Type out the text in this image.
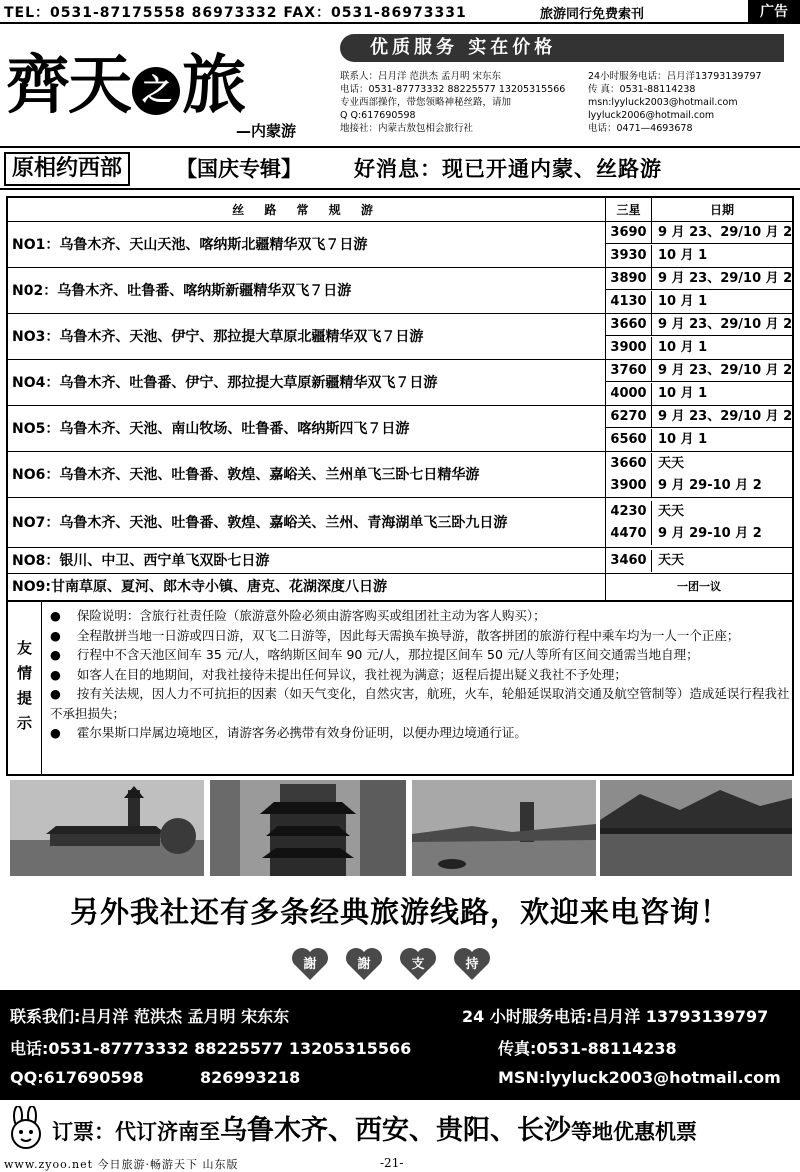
TEL：0531-87175558 86973332 FAX：0531-86973331	旅游同行免费索刊	广告
齊天 之 旅
—内蒙游
优质服务 实在价格
联系人：吕月洋 范洪杰 孟月明 宋东东	24小时服务电话：吕月洋13793139797
电话：0531-87773332 88225577 13205315566 传 真：0531-88114238
专业西部操作，带您领略神秘丝路，请加	msn:lyyluck2003@hotmail.com
Q Q:617690598	lyyluck2006@hotmail.com
地接社：内蒙古敖包相会旅行社	电话：0471—4693678
原相约西部	【国庆专辑】 好消息：现已开通内蒙、丝路游
丝 路 常 规 游	三星	日期
NO1：乌鲁木齐、天山天池、喀纳斯北疆精华双飞７日游
3690 9 月 23、29/10 月 2
3930 10 月 1
N02：乌鲁木齐、吐鲁番、喀纳斯新疆精华双飞７日游
3890 9 月 23、29/10 月 2
4130 10 月 1
NO3：乌鲁木齐、天池、伊宁、那拉提大草原北疆精华双飞７日游
3660 9 月 23、29/10 月 2
3900 10 月 1
NO4：乌鲁木齐、吐鲁番、伊宁、那拉提大草原新疆精华双飞７日游
3760 9 月 23、29/10 月 2
4000 10 月 1
NO5：乌鲁木齐、天池、南山牧场、吐鲁番、喀纳斯四飞７日游
6270 9 月 23、29/10 月 2
6560 10 月 1
NO6：乌鲁木齐、天池、吐鲁番、敦煌、嘉峪关、兰州单飞三卧七日精华游
3660 天天
3900 9 月 29-10 月 2
NO7：乌鲁木齐、天池、吐鲁番、敦煌、嘉峪关、兰州、青海湖单飞三卧九日游
4230 天天
4470 9 月 29-10 月 2
NO8：银川、中卫、西宁单飞双卧七日游	3460 天天
NO9:甘南草原、夏河、郎木寺小镇、唐克、花湖深度八日游	一团一议
友
情
提
示
● 保险说明：含旅行社责任险（旅游意外险必须由游客购买或组团社主动为客人购买）；
● 全程散拼当地一日游或四日游，双飞二日游等，因此每天需换车换导游，散客拼团的旅游行程中乘车均为一人一个正座；
● 行程中不含天池区间车 35 元/人，喀纳斯区间车 90 元/人，那拉提区间车 50 元/人等所有区间交通需当地自理；
● 如客人在目的地期间，对我社接待未提出任何异议，我社视为满意；返程后提出疑义我社不予处理；
● 按有关法规，因人力不可抗拒的因素（如天气变化，自然灾害，航班，火车，轮船延误取消交通及航空管制等）造成延误行程我社不承担损失；
● 霍尔果斯口岸属边境地区，请游客务必携带有效身份证明，以便办理边境通行证。
另外我社还有多条经典旅游线路，欢迎来电咨询！
謝	謝	支	持
联系我们:吕月洋 范洪杰 孟月明 宋东东	24 小时服务电话:吕月洋 13793139797
电话:0531-87773332 88225577 13205315566	传真:0531-88114238
QQ:617690598	826993218	MSN:lyyluck2003@hotmail.com
订票：代订济南至乌鲁木齐、西安、贵阳、长沙等地优惠机票
www.zyoo.net 今日旅游·畅游天下 山东版	-21-
